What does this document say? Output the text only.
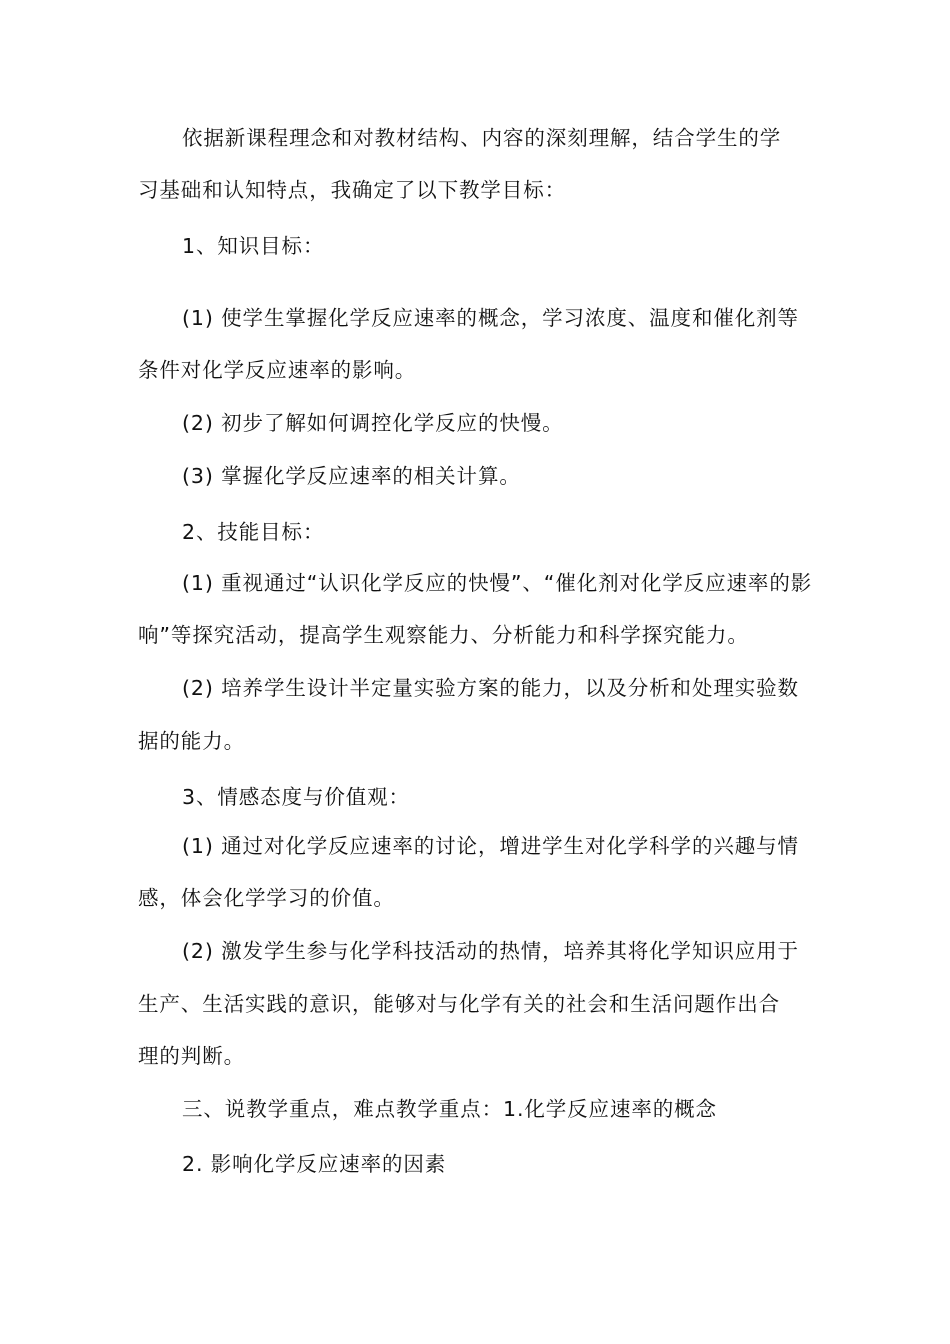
依据新课程理念和对教材结构、内容的深刻理解，结合学生的学
习基础和认知特点，我确定了以下教学目标：
1、知识目标：
(1) 使学生掌握化学反应速率的概念，学习浓度、温度和催化剂等
条件对化学反应速率的影响。
(2) 初步了解如何调控化学反应的快慢。
(3) 掌握化学反应速率的相关计算。
2、技能目标：
(1) 重视通过“认识化学反应的快慢”、“催化剂对化学反应速率的影
响”等探究活动，提高学生观察能力、分析能力和科学探究能力。
(2) 培养学生设计半定量实验方案的能力，以及分析和处理实验数
据的能力。
3、情感态度与价值观：
(1) 通过对化学反应速率的讨论，增进学生对化学科学的兴趣与情
感，体会化学学习的价值。
(2) 激发学生参与化学科技活动的热情，培养其将化学知识应用于
生产、生活实践的意识，能够对与化学有关的社会和生活问题作出合
理的判断。
三、说教学重点，难点教学重点：1.化学反应速率的概念
2. 影响化学反应速率的因素
